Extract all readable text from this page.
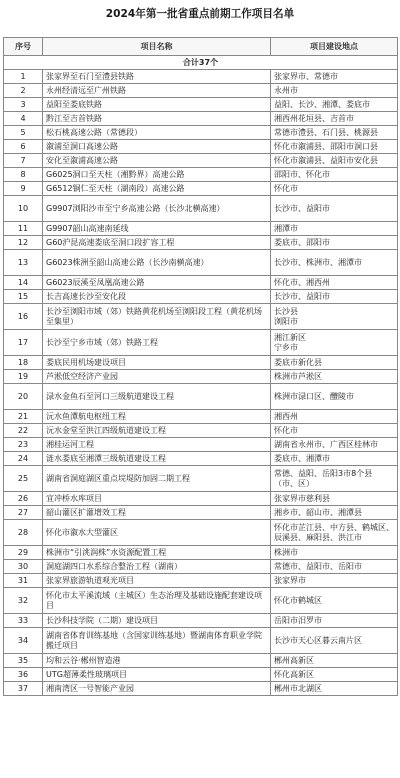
2024年第一批省重点前期工作项目名单
序号	项目名称	项目建设地点
合计37个		
1	张家界至石门至澧县铁路	张家界市、常德市
2	永州经清远至广州铁路	永州市
3	益阳至娄底铁路	益阳、长沙、湘潭、娄底市
4	黔江至吉首铁路	湘西州花垣县、吉首市
5	松石桃高速公路（常德段）	常德市澧县、石门县、桃源县
6	溆浦至洞口高速公路	怀化市溆浦县、邵阳市洞口县
7	安化至溆浦高速公路	怀化市溆浦县、益阳市安化县
8	G6025洞口至天柱（湘黔界）高速公路	邵阳市、怀化市
9	G6512铜仁至天柱（湖南段）高速公路	怀化市
10	G9907浏阳沙市至宁乡高速公路（长沙北横高速）	长沙市、益阳市
11	G9907韶山高速南延线	湘潭市
12	G60沪昆高速娄底至洞口段扩容工程	娄底市、邵阳市
13	G6023株洲至韶山高速公路（长沙南横高速）	长沙市、株洲市、湘潭市
14	G6023辰溪至凤凰高速公路	怀化市、湘西州
15	长吉高速长沙至安化段	长沙市、益阳市
16	长沙至浏阳市域（郊）铁路黄花机场至浏阳段工程（黄花机场至集里）	长沙县
浏阳市
17	长沙至宁乡市域（郊）铁路工程	湘江新区
宁乡市
18	娄底民用机场建设项目	娄底市新化县
19	芦淞低空经济产业园	株洲市芦淞区
20	渌水金鱼石至河口三级航道建设工程	株洲市渌口区、醴陵市
21	沅水鱼潭航电枢纽工程	湘西州
22	沅水金堂至洪江四级航道建设工程	怀化市
23	湘桂运河工程	湖南省永州市、广西区桂林市
24	涟水娄底至湘潭三级航道建设工程	娄底市、湘潭市
25	湖南省洞庭湖区重点垸堤防加固二期工程	常德、益阳、岳阳3市8个县（市、区）
26	宜冲桥水库项目	张家界市慈利县
27	韶山灌区扩灌增效工程	湘乡市、韶山市、湘潭县
28	怀化市溆水大型灌区	怀化市芷江县、中方县、鹤城区、辰溪县、麻阳县、洪江市
29	株洲市“引洮润株”水资源配置工程	株洲市
30	洞庭湖四口水系综合整治工程（湖南）	常德市、益阳市、岳阳市
31	张家界旅游轨道观光项目	张家界市
32	怀化市太平溪流域（主城区）生态治理及基础设施配套建设项目	怀化市鹤城区
33	长沙科技学院（二期）建设项目	岳阳市汨罗市
34	湖南省体育训练基地（含国家训练基地）暨湖南体育职业学院搬迁项目	长沙市天心区暮云南片区
35	均和云谷·郴州智造港	郴州高新区
36	UTG超薄柔性玻璃项目	怀化高新区
37	湘南湾区一号智能产业园	郴州市北湖区
